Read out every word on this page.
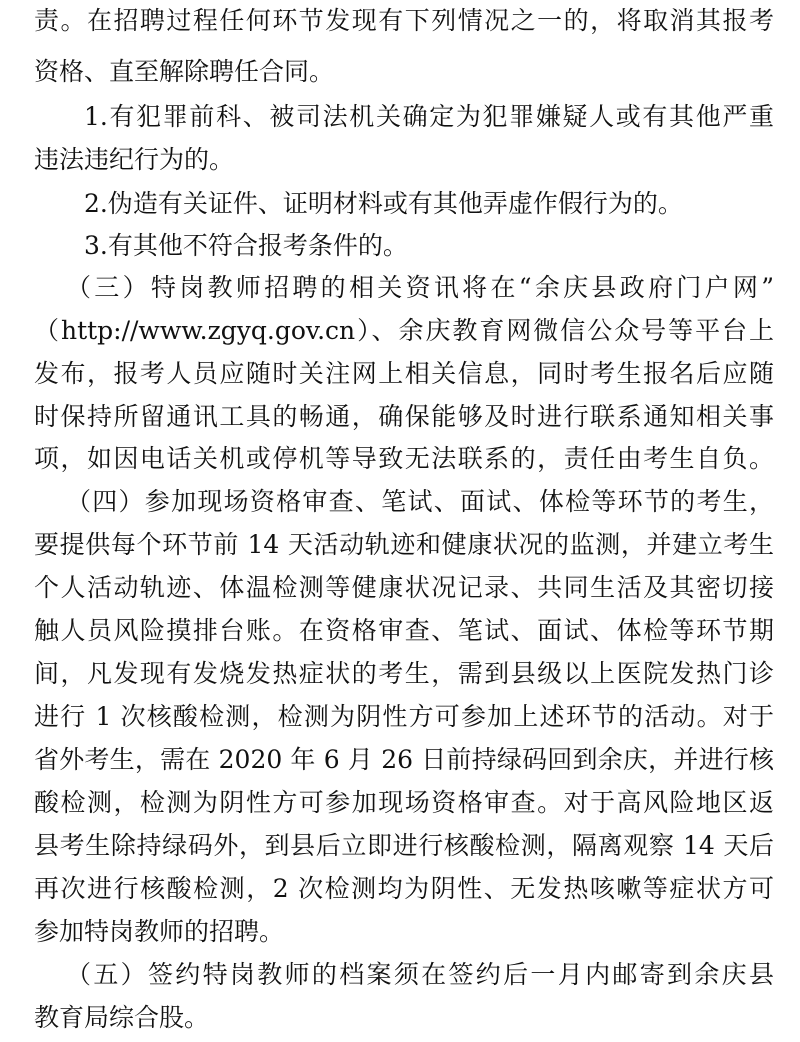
责。在招聘过程任何环节发现有下列情况之一的，将取消其报考
资格、直至解除聘任合同。
1.有犯罪前科、被司法机关确定为犯罪嫌疑人或有其他严重
违法违纪行为的。
2.伪造有关证件、证明材料或有其他弄虚作假行为的。
3.有其他不符合报考条件的。
（三）特岗教师招聘的相关资讯将在“余庆县政府门户网”
（http://www.zgyq.gov.cn）、余庆教育网微信公众号等平台上
发布，报考人员应随时关注网上相关信息，同时考生报名后应随
时保持所留通讯工具的畅通，确保能够及时进行联系通知相关事
项，如因电话关机或停机等导致无法联系的，责任由考生自负。
（四）参加现场资格审查、笔试、面试、体检等环节的考生，
要提供每个环节前 14 天活动轨迹和健康状况的监测，并建立考生
个人活动轨迹、体温检测等健康状况记录、共同生活及其密切接
触人员风险摸排台账。在资格审查、笔试、面试、体检等环节期
间，凡发现有发烧发热症状的考生，需到县级以上医院发热门诊
进行 1 次核酸检测，检测为阴性方可参加上述环节的活动。对于
省外考生，需在 2020 年 6 月 26 日前持绿码回到余庆，并进行核
酸检测，检测为阴性方可参加现场资格审查。对于高风险地区返
县考生除持绿码外，到县后立即进行核酸检测，隔离观察 14 天后
再次进行核酸检测，2 次检测均为阴性、无发热咳嗽等症状方可
参加特岗教师的招聘。
（五）签约特岗教师的档案须在签约后一月内邮寄到余庆县
教育局综合股。
